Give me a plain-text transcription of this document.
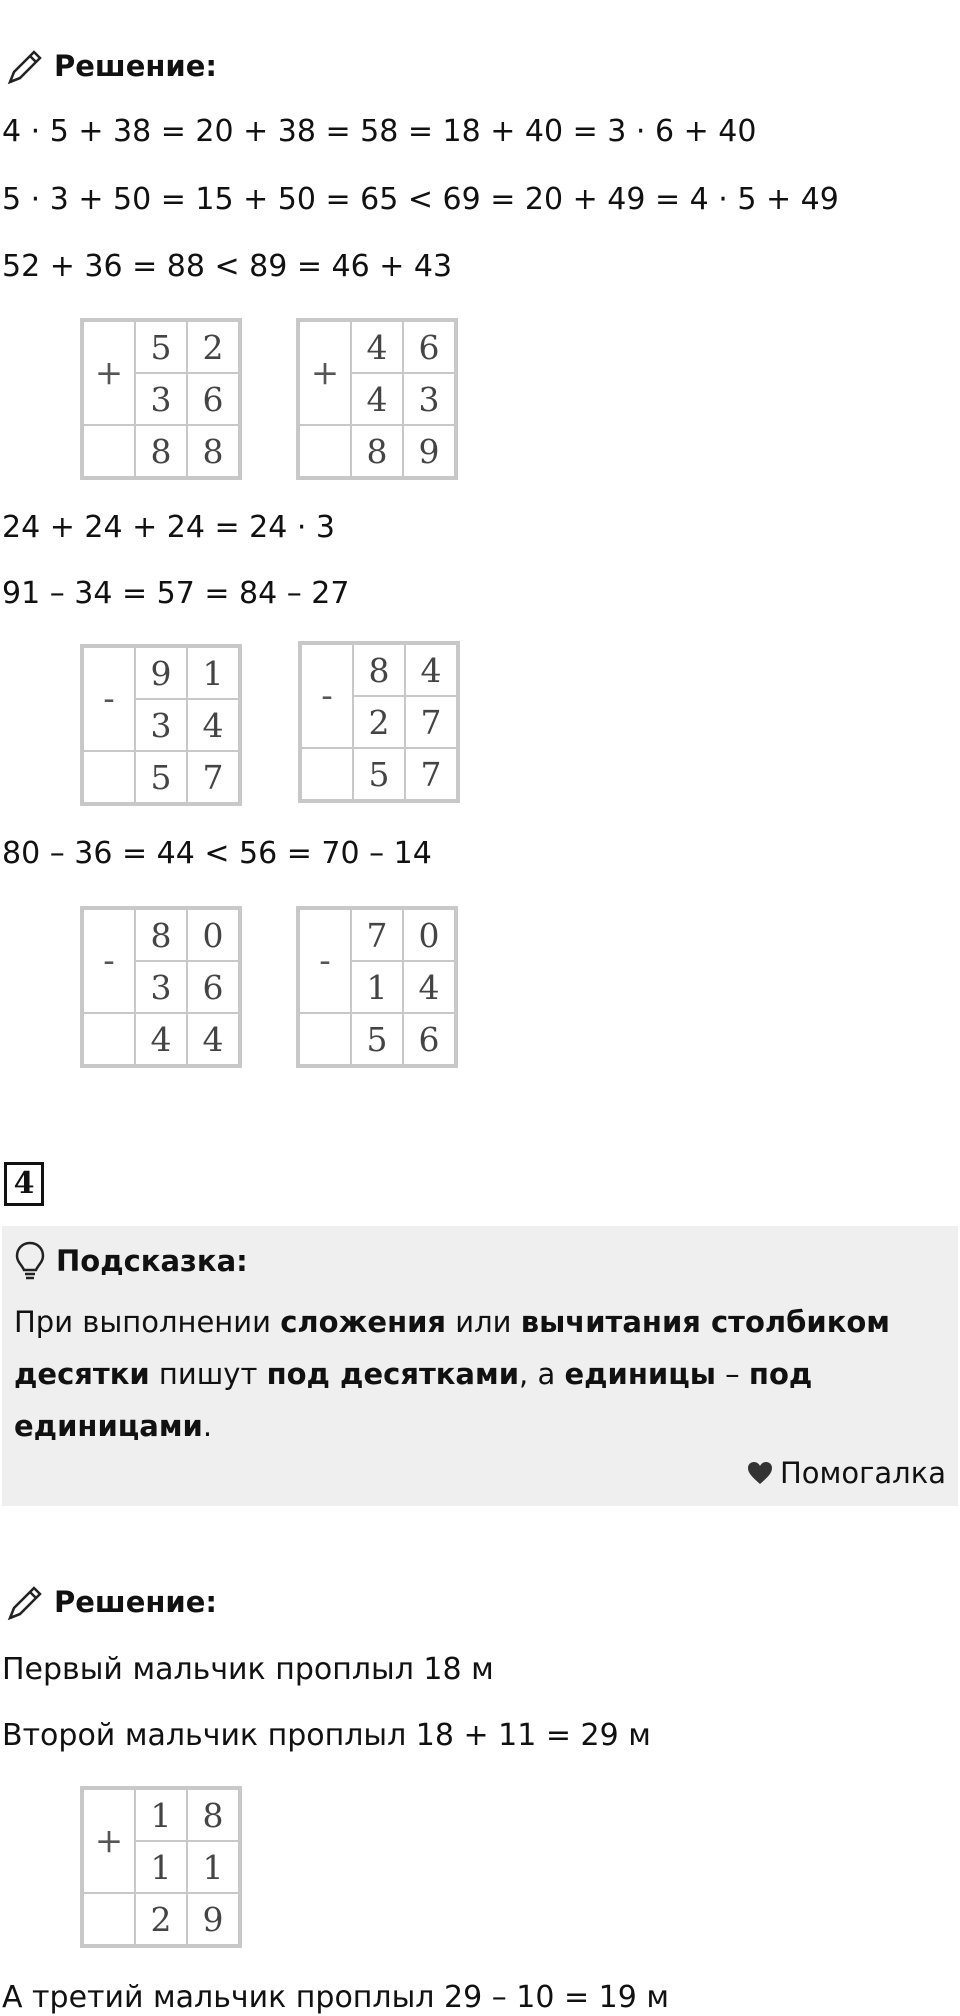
Решение:
4 · 5 + 38 = 20 + 38 = 58 = 18 + 40 = 3 · 6 + 40
5 · 3 + 50 = 15 + 50 = 65 < 69 = 20 + 49 = 4 · 5 + 49
52 + 36 = 88 < 89 = 46 + 43
+	5	2
	3	6
	8	8
+	4	6
	4	3
	8	9
24 + 24 + 24 = 24 · 3
91 – 34 = 57 = 84 – 27
-	9	1
	3	4
	5	7
-	8	4
	2	7
	5	7
80 – 36 = 44 < 56 = 70 – 14
-	8	0
	3	6
	4	4
-	7	0
	1	4
	5	6
4
Подсказка:
При выполнении сложения или вычитания столбиком десятки пишут под десятками, а единицы – под единицами.
Помогалка
Решение:
Первый мальчик проплыл 18 м
Второй мальчик проплыл 18 + 11 = 29 м
+	1	8
	1	1
	2	9
А третий мальчик проплыл 29 – 10 = 19 м
